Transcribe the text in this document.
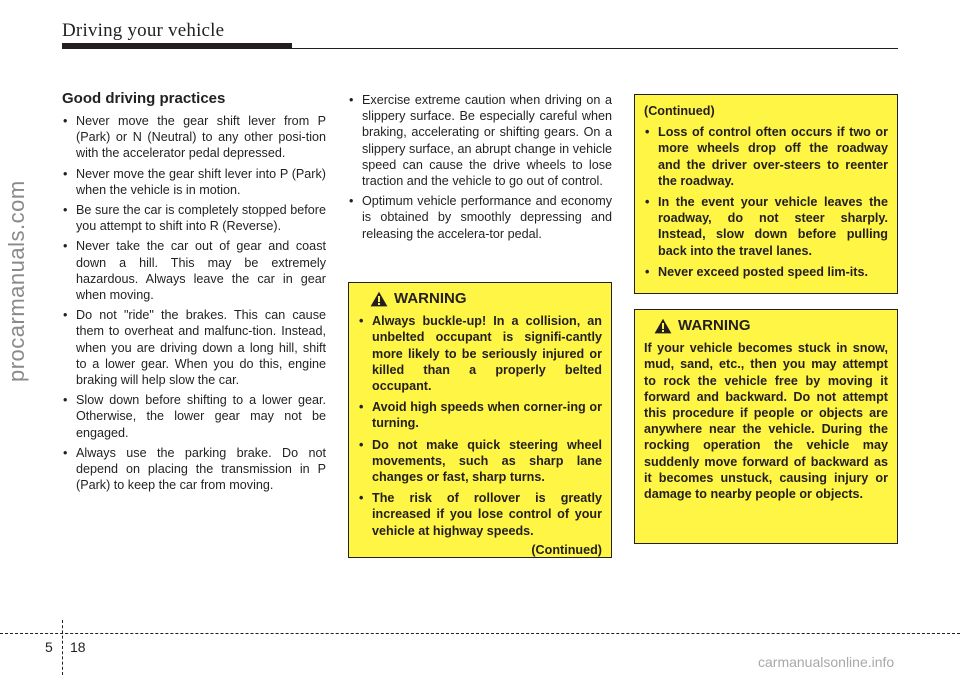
Driving your vehicle
procarmanuals.com
Good driving practices
• Never move the gear shift lever from P (Park) or N (Neutral) to any other posi-tion with the accelerator pedal depressed.
• Never move the gear shift lever into P (Park) when the vehicle is in motion.
• Be sure the car is completely stopped before you attempt to shift into R (Reverse).
• Never take the car out of gear and coast down a hill. This may be extremely hazardous. Always leave the car in gear when moving.
• Do not "ride" the brakes. This can cause them to overheat and malfunc-tion. Instead, when you are driving down a long hill, shift to a lower gear. When you do this, engine braking will help slow the car.
• Slow down before shifting to a lower gear. Otherwise, the lower gear may not be engaged.
• Always use the parking brake. Do not depend on placing the transmission in P (Park) to keep the car from moving.
• Exercise extreme caution when driving on a slippery surface. Be especially careful when braking, accelerating or shifting gears. On a slippery surface, an abrupt change in vehicle speed can cause the drive wheels to lose traction and the vehicle to go out of control.
• Optimum vehicle performance and economy is obtained by smoothly depressing and releasing the accelera-tor pedal.
WARNING
• Always buckle-up! In a collision, an unbelted occupant is signifi-cantly more likely to be seriously injured or killed than a properly belted occupant.
• Avoid high speeds when corner-ing or turning.
• Do not make quick steering wheel movements, such as sharp lane changes or fast, sharp turns.
• The risk of rollover is greatly increased if you lose control of your vehicle at highway speeds.
(Continued)
(Continued)
• Loss of control often occurs if two or more wheels drop off the roadway and the driver over-steers to reenter the roadway.
• In the event your vehicle leaves the roadway, do not steer sharply. Instead, slow down before pulling back into the travel lanes.
• Never exceed posted speed lim-its.
WARNING
If your vehicle becomes stuck in snow, mud, sand, etc., then you may attempt to rock the vehicle free by moving it forward and backward. Do not attempt this procedure if people or objects are anywhere near the vehicle. During the rocking operation the vehicle may suddenly move forward of backward as it becomes unstuck, causing injury or damage to nearby people or objects.
5 18
carmanualsonline.info
